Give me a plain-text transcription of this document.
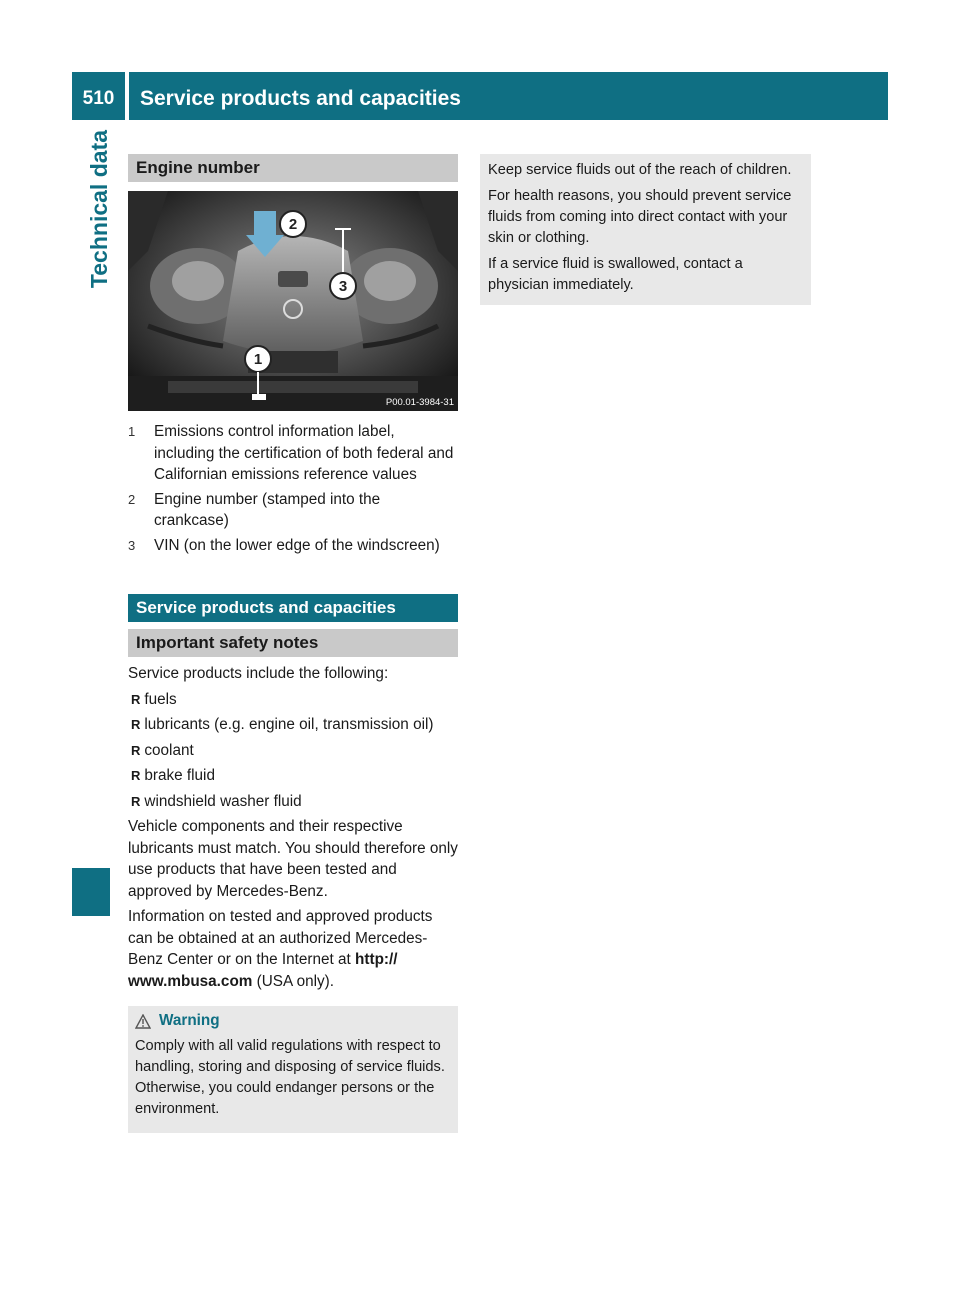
510	Service products and capacities
Technical data	Engine number
2
3
1
P00.01-3984-31
1	Emissions control information label, including the certification of both federal and Californian emissions reference values
2	Engine number (stamped into the crankcase)
3	VIN (on the lower edge of the windscreen)
Service products and capacities
Important safety notes

Service products include the following:

R fuels
R lubricants (e.g. engine oil, transmission oil)
R coolant
R brake fluid
R windshield washer fluid

Vehicle components and their respective lubricants must match. You should therefore only use products that have been tested and approved by Mercedes-Benz.

Information on tested and approved products can be obtained at an authorized Mercedes-Benz Center or on the Internet at http:// www.mbusa.com (USA only).

Warning

Comply with all valid regulations with respect to handling, storing and disposing of service fluids. Otherwise, you could endanger persons or the environment.

Keep service fluids out of the reach of children.

For health reasons, you should prevent service fluids from coming into direct contact with your skin or clothing.

If a service fluid is swallowed, contact a physician immediately.
